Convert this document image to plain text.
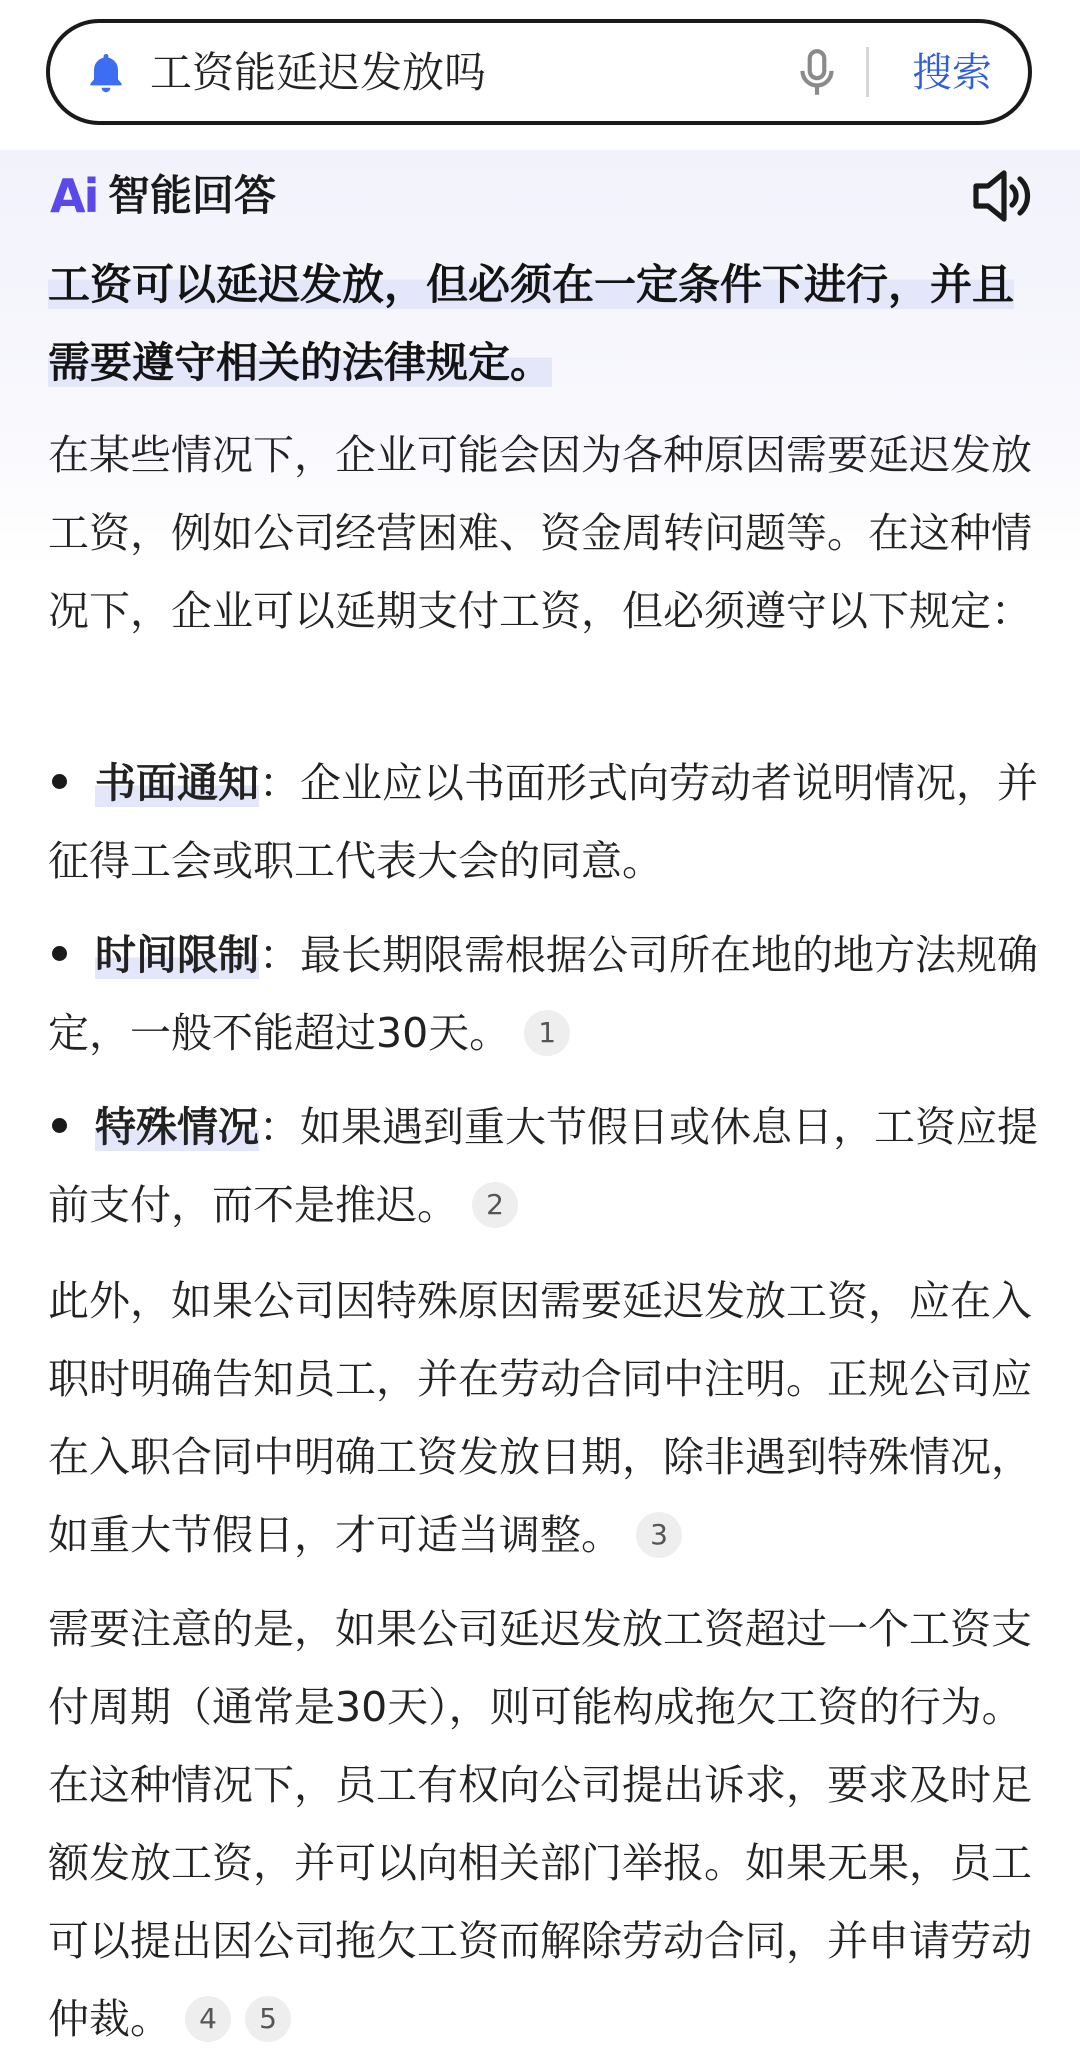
工资能延迟发放吗	搜索
Ai 智能回答
工资可以延迟发放，但必须在一定条件下进行，并且需要遵守相关的法律规定。
在某些情况下，企业可能会因为各种原因需要延迟发放工资，例如公司经营困难、资金周转问题等。在这种情况下，企业可以延期支付工资，但必须遵守以下规定：
书面通知：企业应以书面形式向劳动者说明情况，并征得工会或职工代表大会的同意。
时间限制：最长期限需根据公司所在地的地方法规确定，一般不能超过30天。 1
特殊情况：如果遇到重大节假日或休息日，工资应提前支付，而不是推迟。 2
此外，如果公司因特殊原因需要延迟发放工资，应在入职时明确告知员工，并在劳动合同中注明。正规公司应在入职合同中明确工资发放日期，除非遇到特殊情况，如重大节假日，才可适当调整。 3
需要注意的是，如果公司延迟发放工资超过一个工资支付周期（通常是30天），则可能构成拖欠工资的行为。在这种情况下，员工有权向公司提出诉求，要求及时足额发放工资，并可以向相关部门举报。如果无果，员工可以提出因公司拖欠工资而解除劳动合同，并申请劳动仲裁。 4 5
